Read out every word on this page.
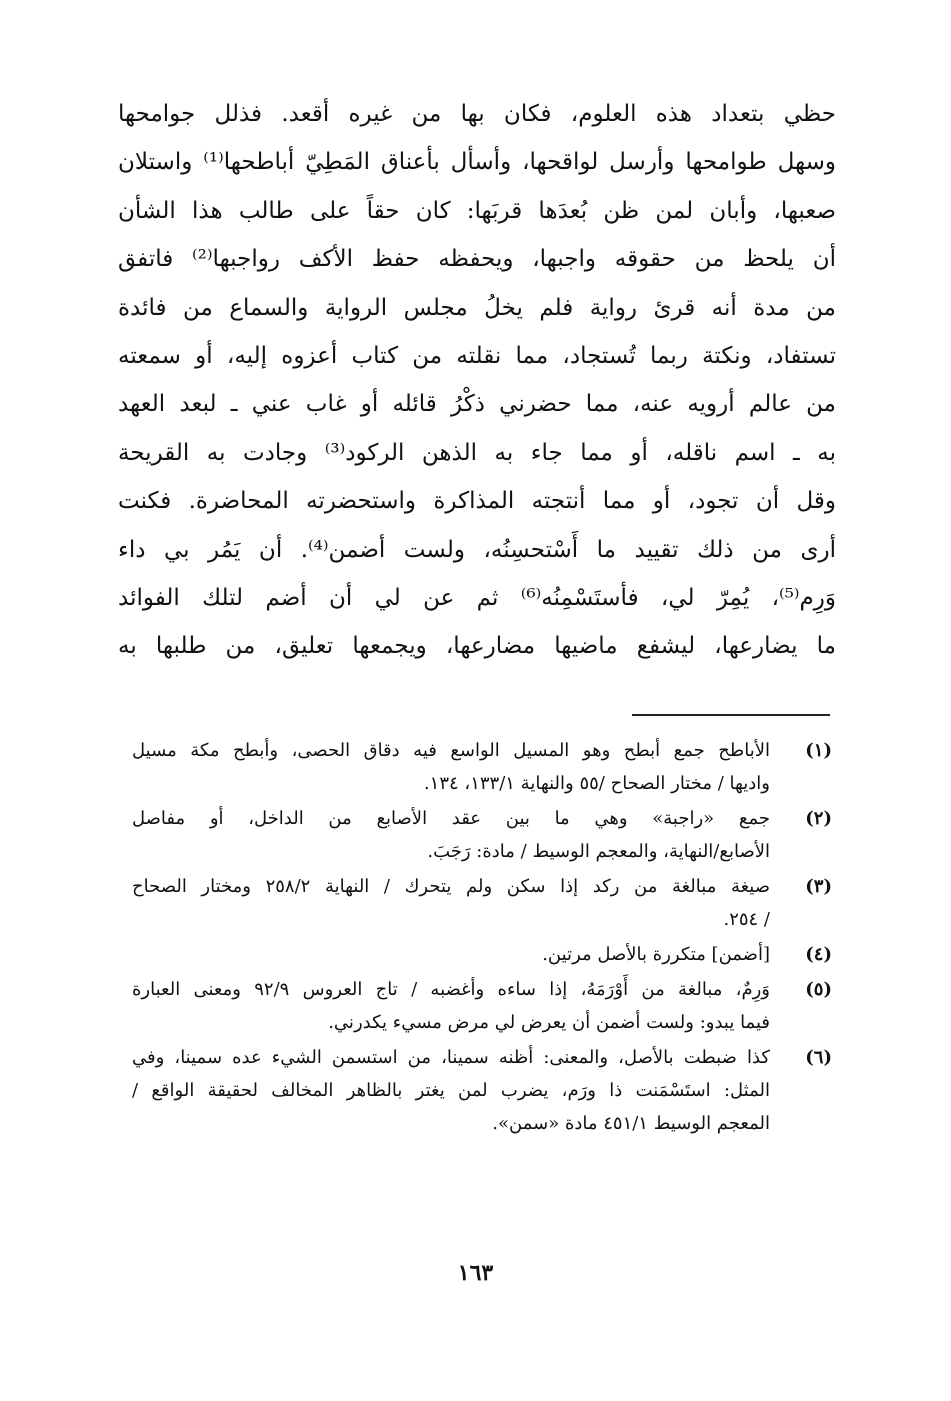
حظي بتعداد هذه العلوم، فكان بها من غيره أقعد. فذلل جوامحها
وسهل طوامحها وأرسل لواقحها، وأسأل بأعناق المَطِيّ أباطحها⁽¹⁾ واستلان
صعبها، وأبان لمن ظن بُعدَها قربَها: كان حقاً على طالب هذا الشأن
أن يلحظ من حقوقه واجبها، ويحفظه حفظ الأكف رواجبها⁽²⁾ فاتفق
من مدة أنه قرئ رواية فلم يخلُ مجلس الرواية والسماع من فائدة
تستفاد، ونكتة ربما تُستجاد، مما نقلته من كتاب أعزوه إليه، أو سمعته
من عالم أرويه عنه، مما حضرني ذكْرُ قائله أو غاب عني ـ لبعد العهد
به ـ اسم ناقله، أو مما جاء به الذهن الركود⁽³⁾ وجادت به القريحة
وقل أن تجود، أو مما أنتجته المذاكرة واستحضرته المحاضرة. فكنت
أرى من ذلك تقييد ما أَسْتحسِنُه، ولست أضمن⁽⁴⁾. أن يَمُر بي داء
وَرِم⁽⁵⁾، يُمِرّ لي، فأستَسْمِنُه⁽⁶⁾ ثم عن لي أن أضم لتلك الفوائد
ما يضارعها، ليشفع ماضيها مضارعها، ويجمعها تعليق، من طلبها به
(١)
الأباطح جمع أبطح وهو المسيل الواسع فيه دقاق الحصى، وأبطح مكة مسيل
واديها / مختار الصحاح /٥٥ والنهاية ١٣٣/١، ١٣٤.
(٢)
جمع «راجبة» وهي ما بين عقد الأصابع من الداخل، أو مفاصل
الأصابع/النهاية، والمعجم الوسيط / مادة: رَجَبَ.
(٣)
صيغة مبالغة من ركد إذا سكن ولم يتحرك / النهاية ٢٥٨/٢ ومختار الصحاح
/ ٢٥٤.
(٤)
[أضمن] متكررة بالأصل مرتين.
(٥)
وَرِمٌ، مبالغة من أَوْرَمَهُ، إذا ساءه وأغضبه / تاج العروس ٩٢/٩ ومعنى العبارة
فيما يبدو: ولست أضمن أن يعرض لي مرض مسيء يكدرني.
(٦)
كذا ضبطت بالأصل، والمعنى: أظنه سمينا، من استسمن الشيء عده سمينا، وفي
المثل: استَسْمَنت ذا ورَم، يضرب لمن يغتر بالظاهر المخالف لحقيقة الواقع /
المعجم الوسيط ٤٥١/١ مادة «سمن».
١٦٣
